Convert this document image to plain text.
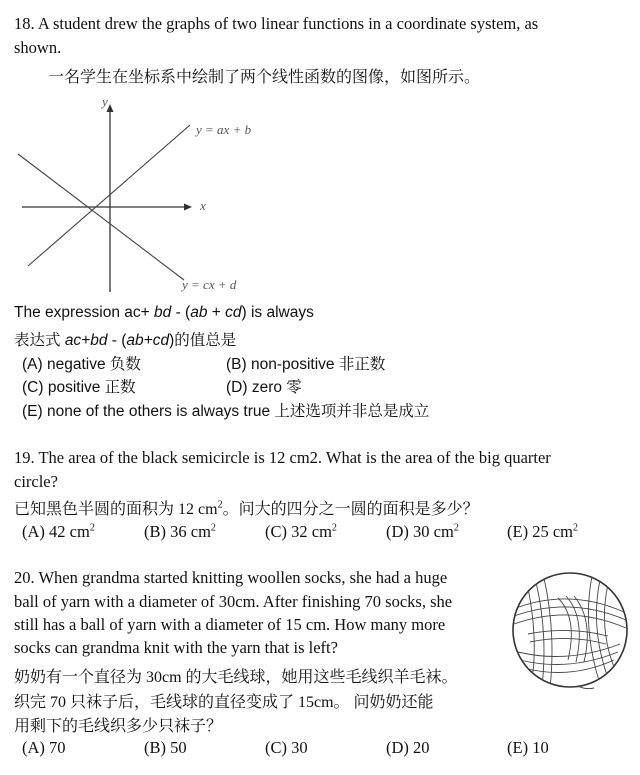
18. A student drew the graphs of two linear functions in a coordinate system, as
shown.
一名学生在坐标系中绘制了两个线性函数的图像，如图所示。
y
x
y = ax + b
y = cx + d
The expression ac+ bd - (ab + cd) is always
表达式 ac+bd - (ab+cd)的值总是
(A) negative 负数	(B) non-positive 非正数
(C) positive 正数	(D) zero 零
(E) none of the others is always true 上述选项并非总是成立
19. The area of the black semicircle is 12 cm2. What is the area of the big quarter
circle?
已知黑色半圆的面积为 12 $cm^2$。问大的四分之一圆的面积是多少？
(A) 42 $cm^2$	(B) 36 $cm^2$	(C) 32 $cm^2$	(D) 30 $cm^2$	(E) 25 $cm^2$
20. When grandma started knitting woollen socks, she had a huge
ball of yarn with a diameter of 30cm. After finishing 70 socks, she
still has a ball of yarn with a diameter of 15 cm. How many more
socks can grandma knit with the yarn that is left?
奶奶有一个直径为 30cm 的大毛线球，她用这些毛线织羊毛袜。
织完 70 只袜子后，毛线球的直径变成了 15cm。 问奶奶还能
用剩下的毛线织多少只袜子？
(A) 70	(B) 50	(C) 30	(D) 20	(E) 10
